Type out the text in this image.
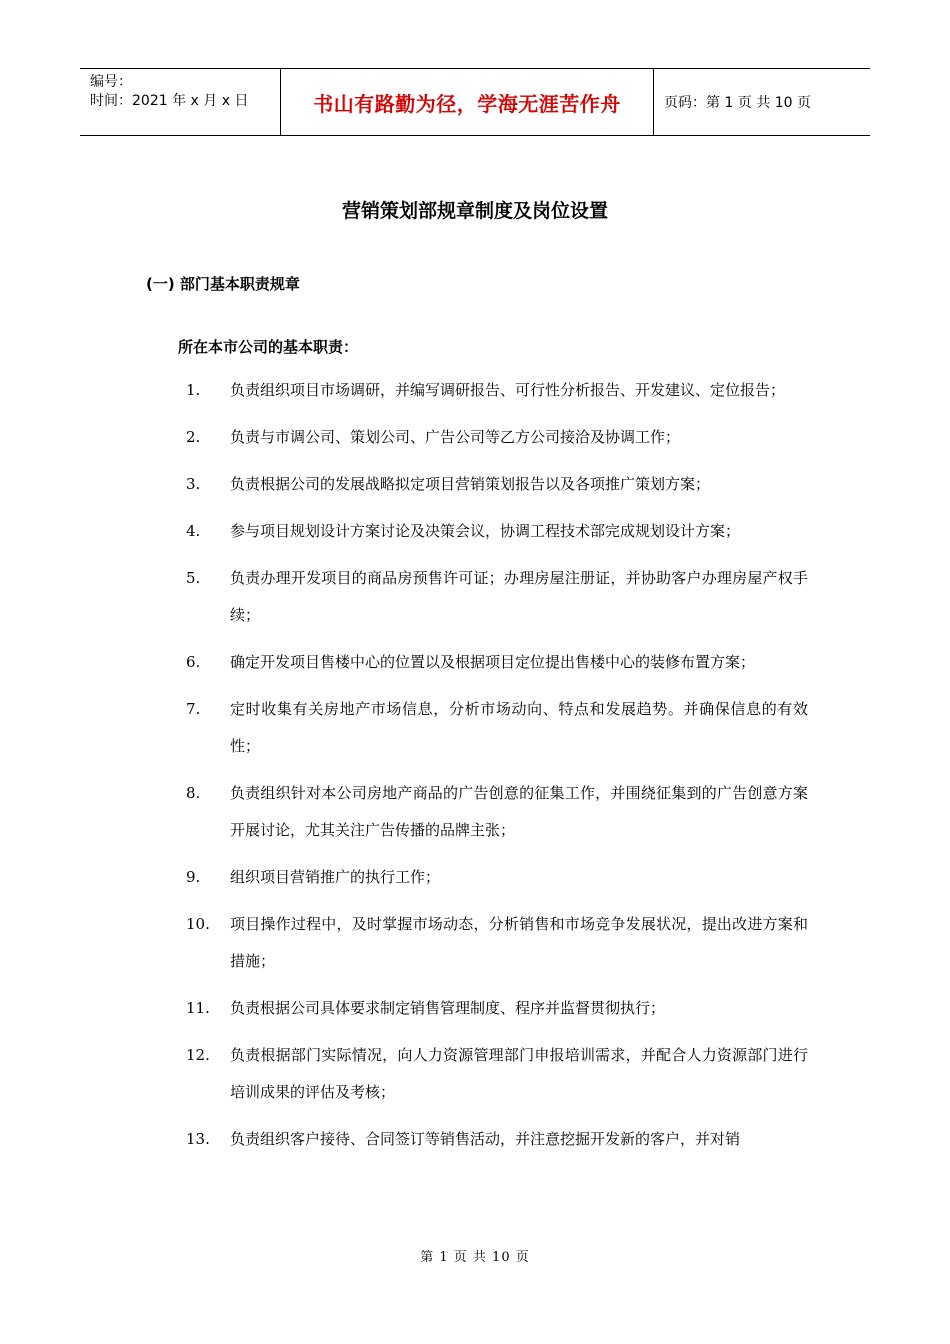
编号：
时间：2021 年 x 月 x 日	书山有路勤为径，学海无涯苦作舟	页码：第 1 页 共 10 页
营销策划部规章制度及岗位设置
(一) 部门基本职责规章
所在本市公司的基本职责：
1. 负责组织项目市场调研，并编写调研报告、可行性分析报告、开发建议、定位报告；
2. 负责与市调公司、策划公司、广告公司等乙方公司接洽及协调工作；
3. 负责根据公司的发展战略拟定项目营销策划报告以及各项推广策划方案；
4. 参与项目规划设计方案讨论及决策会议，协调工程技术部完成规划设计方案；
5. 负责办理开发项目的商品房预售许可证；办理房屋注册证，并协助客户办理房屋产权手续；
6. 确定开发项目售楼中心的位置以及根据项目定位提出售楼中心的装修布置方案；
7. 定时收集有关房地产市场信息，分析市场动向、特点和发展趋势。并确保信息的有效性；
8. 负责组织针对本公司房地产商品的广告创意的征集工作，并围绕征集到的广告创意方案开展讨论，尤其关注广告传播的品牌主张；
9. 组织项目营销推广的执行工作；
10. 项目操作过程中，及时掌握市场动态，分析销售和市场竞争发展状况，提出改进方案和措施；
11. 负责根据公司具体要求制定销售管理制度、程序并监督贯彻执行；
12. 负责根据部门实际情况，向人力资源管理部门申报培训需求，并配合人力资源部门进行培训成果的评估及考核；
13. 负责组织客户接待、合同签订等销售活动，并注意挖掘开发新的客户，并对销
第 1 页 共 10 页
